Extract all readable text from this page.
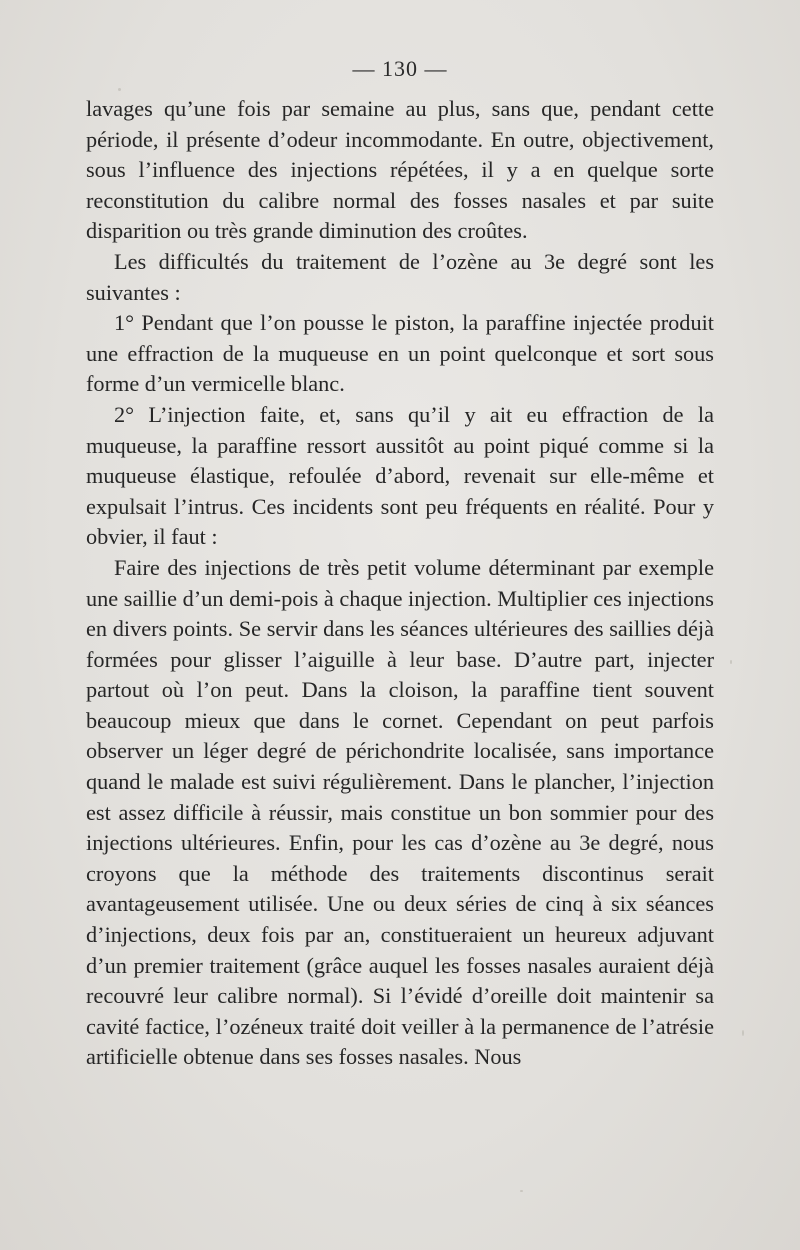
— 130 —

lavages qu’une fois par semaine au plus, sans que, pendant cette période, il présente d’odeur incommodante. En outre, objectivement, sous l’influence des injections répétées, il y a en quelque sorte reconstitution du calibre normal des fosses nasales et par suite disparition ou très grande diminution des croûtes.

Les difficultés du traitement de l’ozène au 3e degré sont les suivantes :

1° Pendant que l’on pousse le piston, la paraffine injectée produit une effraction de la muqueuse en un point quelconque et sort sous forme d’un vermicelle blanc.

2° L’injection faite, et, sans qu’il y ait eu effraction de la muqueuse, la paraffine ressort aussitôt au point piqué comme si la muqueuse élastique, refoulée d’abord, revenait sur elle-même et expulsait l’intrus. Ces incidents sont peu fréquents en réalité. Pour y obvier, il faut :

Faire des injections de très petit volume déterminant par exemple une saillie d’un demi-pois à chaque injection. Multiplier ces injections en divers points. Se servir dans les séances ultérieures des saillies déjà formées pour glisser l’aiguille à leur base. D’autre part, injecter partout où l’on peut. Dans la cloison, la paraffine tient souvent beaucoup mieux que dans le cornet. Cependant on peut parfois observer un léger degré de périchondrite localisée, sans importance quand le malade est suivi régulièrement. Dans le plancher, l’injection est assez difficile à réussir, mais constitue un bon sommier pour des injections ultérieures. Enfin, pour les cas d’ozène au 3e degré, nous croyons que la méthode des traitements discontinus serait avantageusement utilisée. Une ou deux séries de cinq à six séances d’injections, deux fois par an, constitueraient un heureux adjuvant d’un premier traitement (grâce auquel les fosses nasales auraient déjà recouvré leur calibre normal). Si l’évidé d’oreille doit maintenir sa cavité factice, l’ozéneux traité doit veiller à la permanence de l’atrésie artificielle obtenue dans ses fosses nasales. Nous
